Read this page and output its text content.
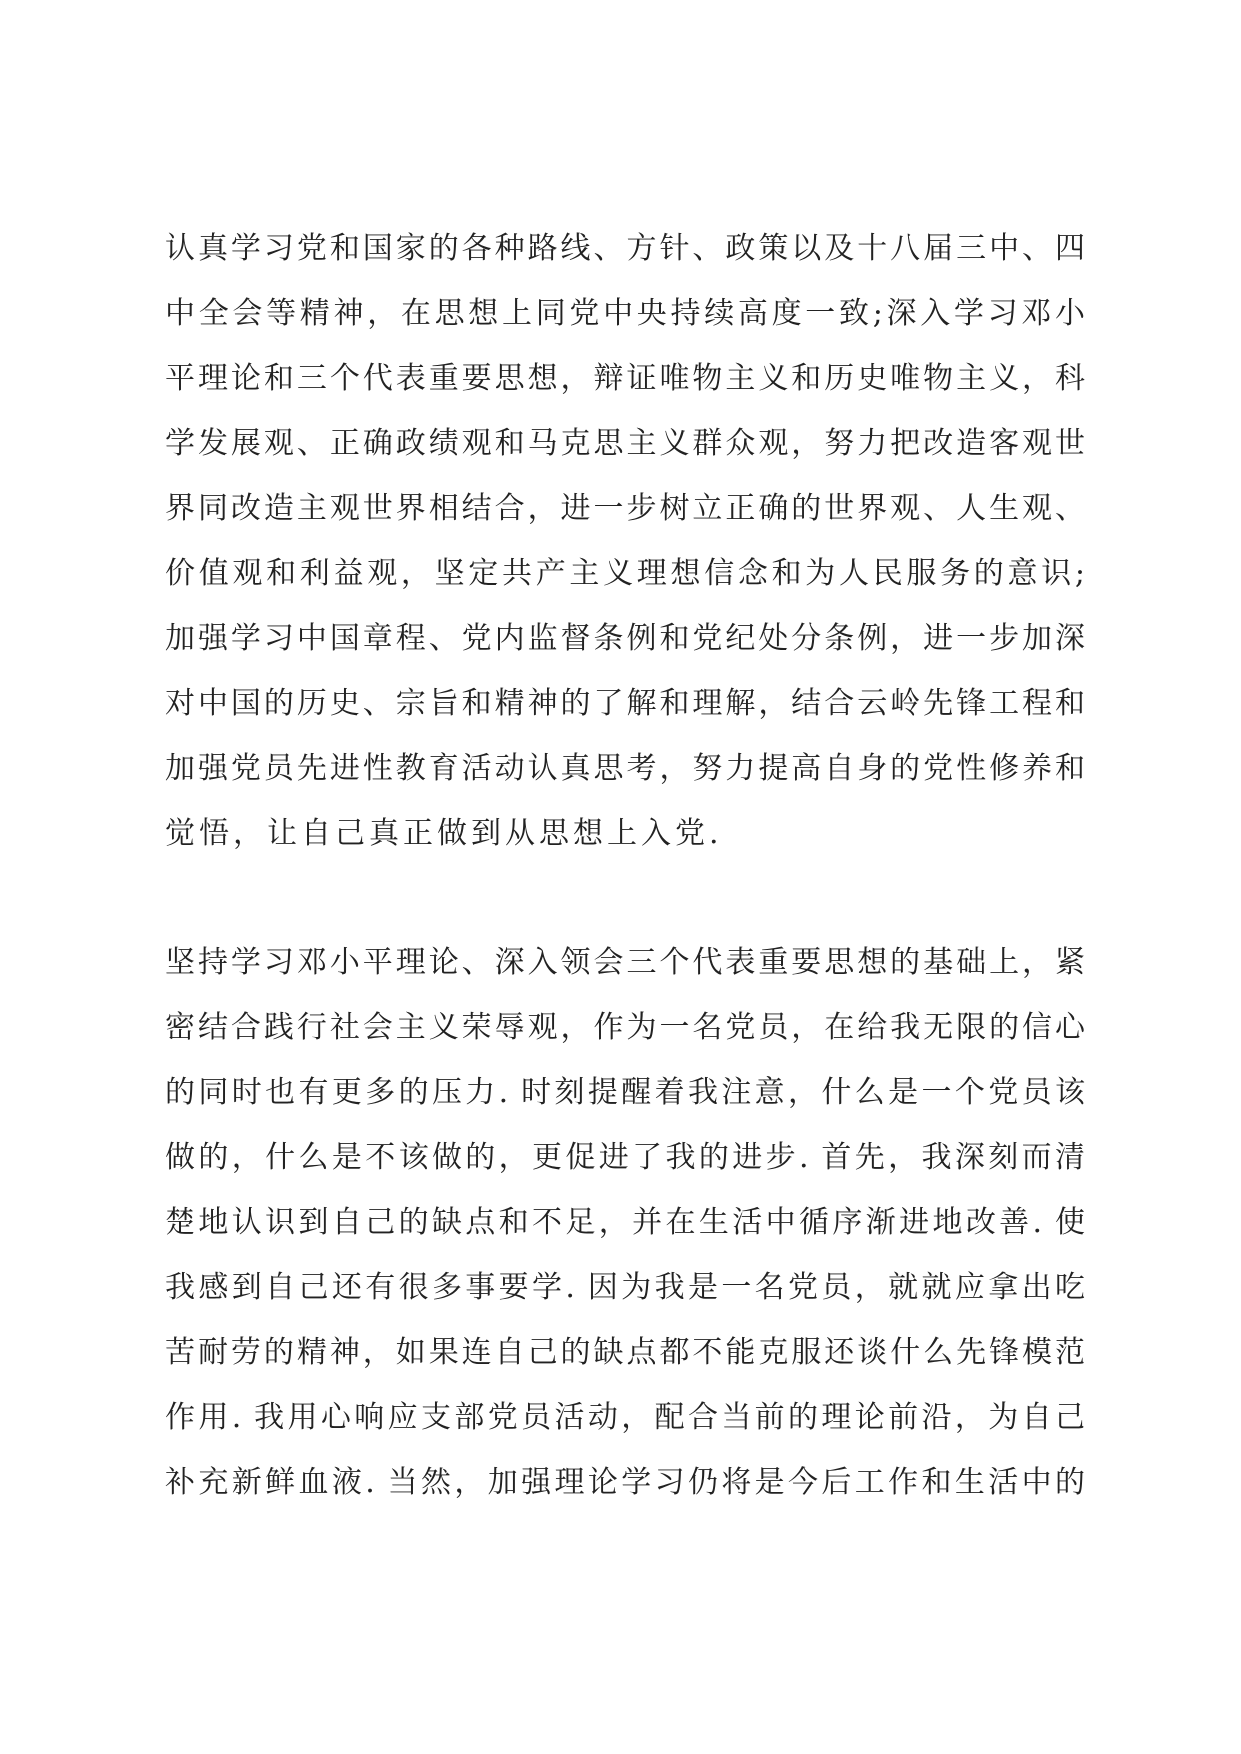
认真学习党和国家的各种路线、方针、政策以及十八届三中、四
中全会等精神，在思想上同党中央持续高度一致;深入学习邓小
平理论和三个代表重要思想，辩证唯物主义和历史唯物主义，科
学发展观、正确政绩观和马克思主义群众观，努力把改造客观世
界同改造主观世界相结合，进一步树立正确的世界观、人生观、
价值观和利益观，坚定共产主义理想信念和为人民服务的意识;
加强学习中国章程、党内监督条例和党纪处分条例，进一步加深
对中国的历史、宗旨和精神的了解和理解，结合云岭先锋工程和
加强党员先进性教育活动认真思考，努力提高自身的党性修养和
觉悟，让自己真正做到从思想上入党.
坚持学习邓小平理论、深入领会三个代表重要思想的基础上，紧
密结合践行社会主义荣辱观，作为一名党员，在给我无限的信心
的同时也有更多的压力. 时刻提醒着我注意，什么是一个党员该
做的，什么是不该做的，更促进了我的进步. 首先，我深刻而清
楚地认识到自己的缺点和不足，并在生活中循序渐进地改善. 使
我感到自己还有很多事要学. 因为我是一名党员，就就应拿出吃
苦耐劳的精神，如果连自己的缺点都不能克服还谈什么先锋模范
作用. 我用心响应支部党员活动，配合当前的理论前沿，为自己
补充新鲜血液. 当然，加强理论学习仍将是今后工作和生活中的
